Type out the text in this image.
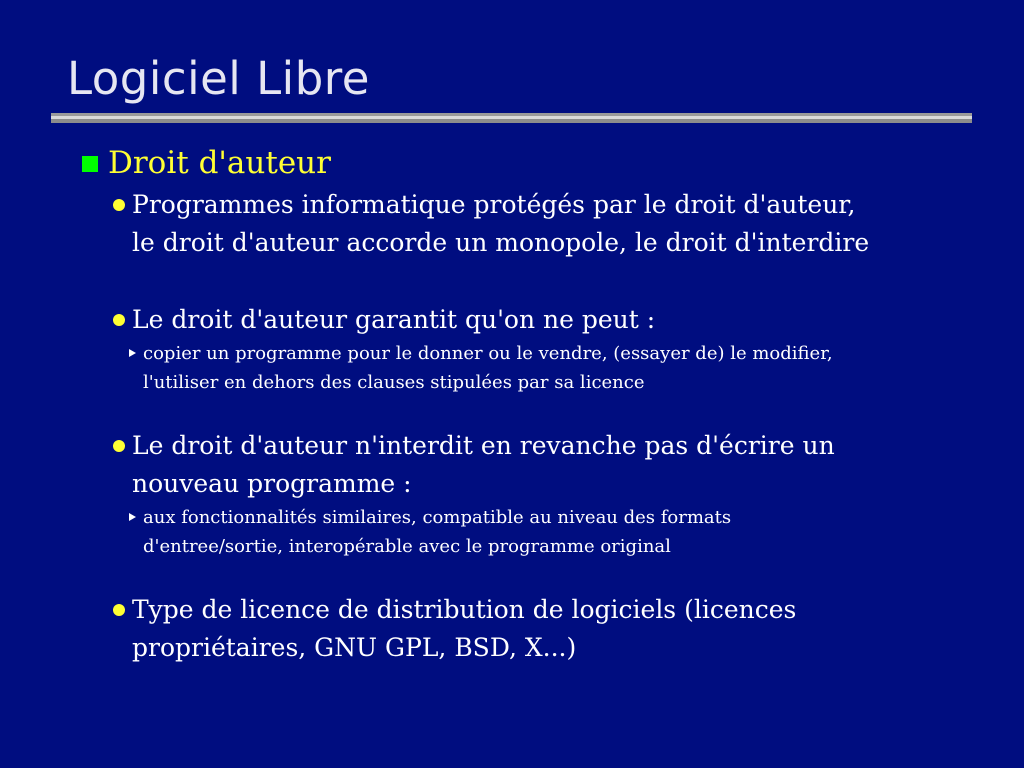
Logiciel Libre
Droit d'auteur
Programmes informatique protégés par le droit d'auteur,
le droit d'auteur accorde un monopole, le droit d'interdire
Le droit d'auteur garantit qu'on ne peut :
copier un programme pour le donner ou le vendre, (essayer de) le modifier,
l'utiliser en dehors des clauses stipulées par sa licence
Le droit d'auteur n'interdit en revanche pas d'écrire un
nouveau programme :
aux fonctionnalités similaires, compatible au niveau des formats
d'entree/sortie, interopérable avec le programme original
Type de licence de distribution de logiciels (licences
propriétaires, GNU GPL, BSD, X...)
